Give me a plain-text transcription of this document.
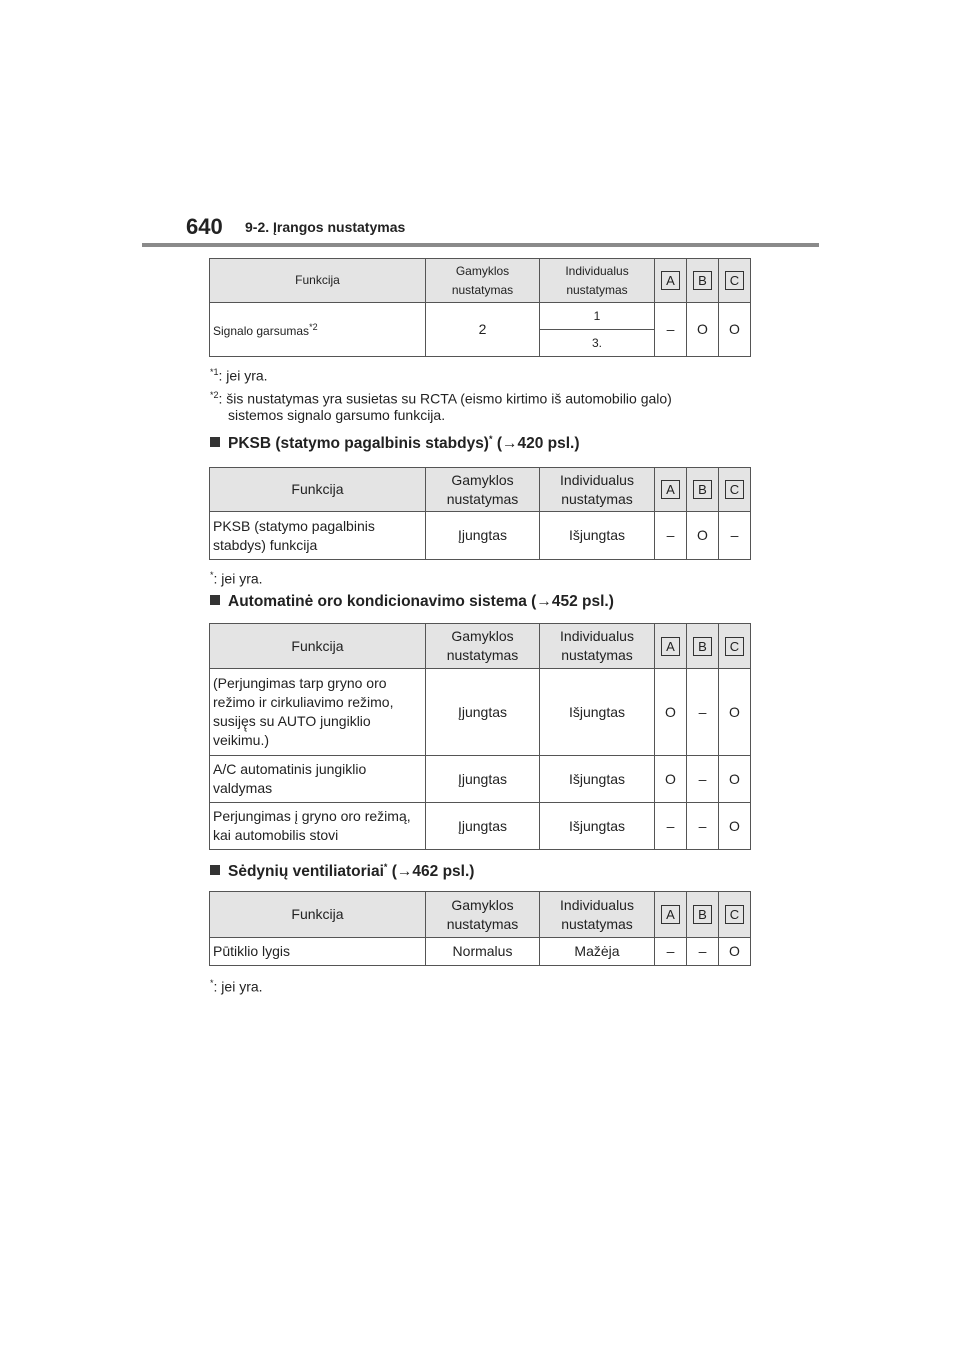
640 9-2. Įrangos nustatymas
Funkcija	Gamyklos nustatymas	Individualus nustatymas	A	B	C
Signalo garsumas$^{*2}$	2	1	–	O	O
		3.			
$^{*1}$: jei yra.
$^{*2}$: šis nustatymas yra susietas su RCTA (eismo kirtimo iš automobilio galo)
sistemos signalo garsumo funkcija.
PKSB (statymo pagalbinis stabdys)* (→420 psl.)
Funkcija	Gamyklos nustatymas	Individualus nustatymas	A	B	C
PKSB (statymo pagalbinis stabdys) funkcija	Įjungtas	Išjungtas	–	O	–
*: jei yra.
Automatinė oro kondicionavimo sistema (→452 psl.)
Funkcija	Gamyklos nustatymas	Individualus nustatymas	A	B	C
(Perjungimas tarp gryno oro režimo ir cirkuliavimo režimo, susiję̨s su AUTO jungiklio veikimu.)	Įjungtas	Išjungtas	O	–	O
A/C automatinis jungiklio valdymas	Įjungtas	Išjungtas	O	–	O
Perjungimas į gryno oro režimą, kai automobilis stovi	Įjungtas	Išjungtas	–	–	O
Sėdynių ventiliatoriai* (→462 psl.)
Funkcija	Gamyklos nustatymas	Individualus nustatymas	A	B	C
Pūtiklio lygis	Normalus	Mažėja	–	–	O
*: jei yra.
